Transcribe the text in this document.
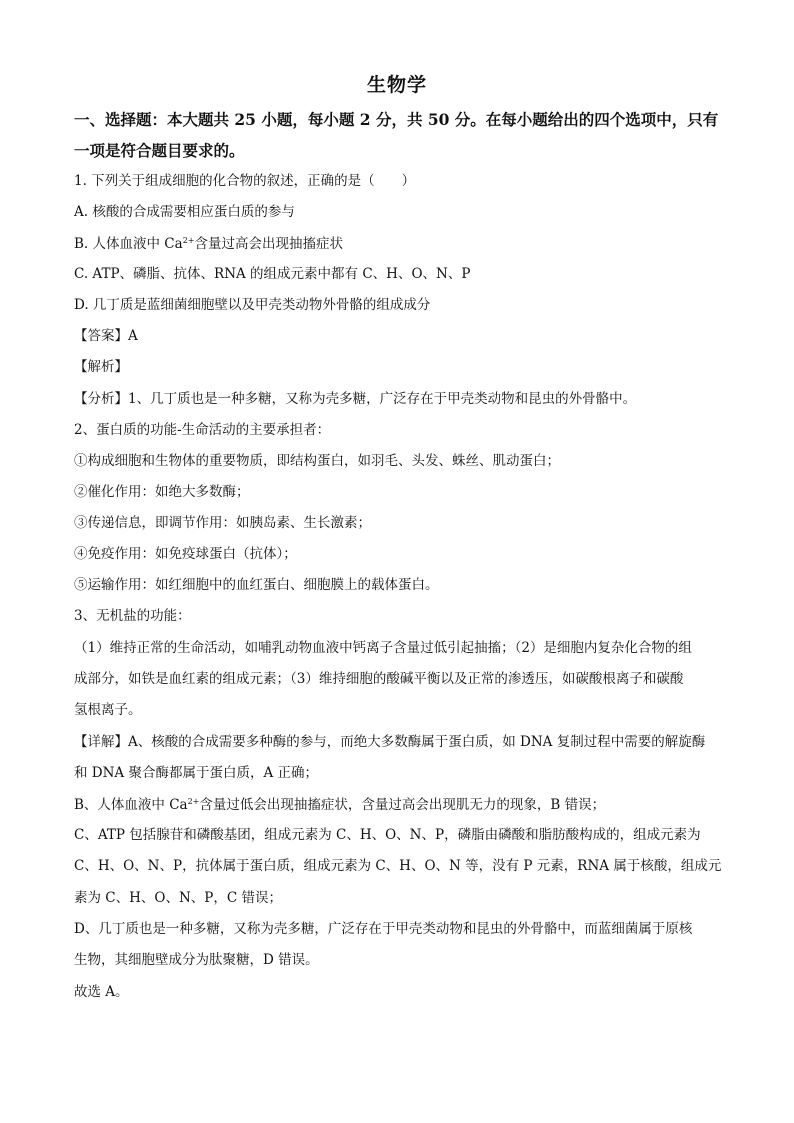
生物学
一、选择题：本大题共 25 小题，每小题 2 分，共 50 分。在每小题给出的四个选项中，只有
一项是符合题目要求的。
1. 下列关于组成细胞的化合物的叙述，正确的是（　　）
A. 核酸的合成需要相应蛋白质的参与
B. 人体血液中 $Ca^{2+}$含量过高会出现抽搐症状
C. ATP、磷脂、抗体、RNA 的组成元素中都有 C、H、O、N、P
D. 几丁质是蓝细菌细胞壁以及甲壳类动物外骨骼的组成成分
【答案】A
【解析】
【分析】1、几丁质也是一种多糖，又称为壳多糖，广泛存在于甲壳类动物和昆虫的外骨骼中。
2、蛋白质的功能-生命活动的主要承担者：
①构成细胞和生物体的重要物质，即结构蛋白，如羽毛、头发、蛛丝、肌动蛋白；
②催化作用：如绝大多数酶；
③传递信息，即调节作用：如胰岛素、生长激素；
④免疫作用：如免疫球蛋白（抗体）；
⑤运输作用：如红细胞中的血红蛋白、细胞膜上的载体蛋白。
3、无机盐的功能：
（1）维持正常的生命活动，如哺乳动物血液中钙离子含量过低引起抽搐；（2）是细胞内复杂化合物的组
成部分，如铁是血红素的组成元素；（3）维持细胞的酸碱平衡以及正常的渗透压，如碳酸根离子和碳酸
氢根离子。
【详解】A、核酸的合成需要多种酶的参与，而绝大多数酶属于蛋白质，如 DNA 复制过程中需要的解旋酶
和 DNA 聚合酶都属于蛋白质，A 正确；
B、人体血液中 $Ca^{2+}$含量过低会出现抽搐症状，含量过高会出现肌无力的现象，B 错误；
C、ATP 包括腺苷和磷酸基团，组成元素为 C、H、O、N、P，磷脂由磷酸和脂肪酸构成的，组成元素为
C、H、O、N、P，抗体属于蛋白质，组成元素为 C、H、O、N 等，没有 P 元素，RNA 属于核酸，组成元
素为 C、H、O、N、P，C 错误；
D、几丁质也是一种多糖，又称为壳多糖，广泛存在于甲壳类动物和昆虫的外骨骼中，而蓝细菌属于原核
生物，其细胞壁成分为肽聚糖，D 错误。
故选 A。
